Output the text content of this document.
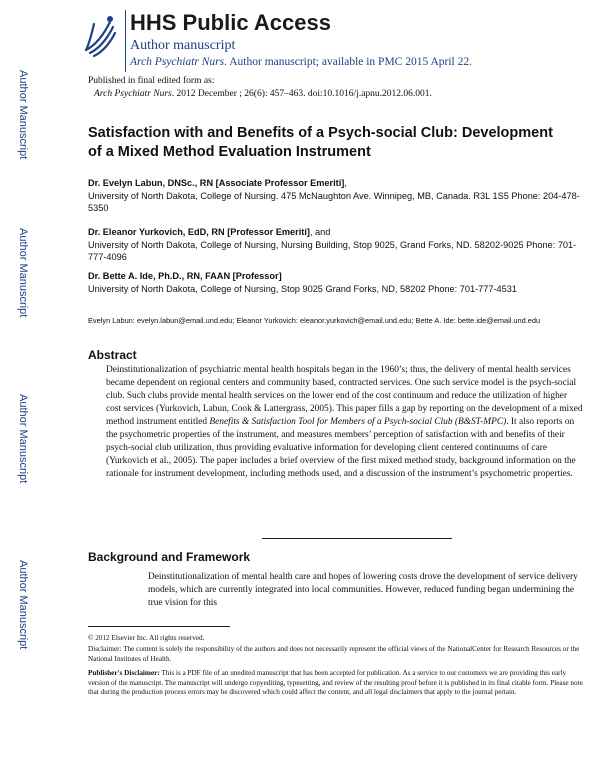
Author Manuscript
Author Manuscript
Author Manuscript
Author Manuscript
HHS Public Access
Author manuscript
Arch Psychiatr Nurs. Author manuscript; available in PMC 2015 April 22.
Published in final edited form as:
Arch Psychiatr Nurs. 2012 December ; 26(6): 457–463. doi:10.1016/j.apnu.2012.06.001.
Satisfaction with and Benefits of a Psych-social Club: Development of a Mixed Method Evaluation Instrument
Dr. Evelyn Labun, DNSc., RN [Associate Professor Emeriti],
University of North Dakota, College of Nursing. 475 McNaughton Ave. Winnipeg, MB, Canada. R3L 1S5 Phone: 204-478-5350
Dr. Eleanor Yurkovich, EdD, RN [Professor Emeriti], and
University of North Dakota, College of Nursing, Nursing Building, Stop 9025, Grand Forks, ND. 58202-9025 Phone: 701-777-4096
Dr. Bette A. Ide, Ph.D., RN, FAAN [Professor]
University of North Dakota, College of Nursing, Stop 9025 Grand Forks, ND, 58202 Phone: 701-777-4531
Evelyn Labun: evelyn.labun@email.und.edu; Eleanor Yurkovich: eleanor.yurkovich@email.und.edu; Bette A. Ide: bette.ide@email.und.edu
Abstract
Deinstitutionalization of psychiatric mental health hospitals began in the 1960’s; thus, the delivery of mental health services became dependent on regional centers and community based, contracted services. One such service model is the psych-social club. Such clubs provide mental health services on the lower end of the cost continuum and reduce the utilization of higher cost services (Yurkovich, Labun, Cook & Lattergrass, 2005). This paper fills a gap by reporting on the development of a mixed method instrument entitled Benefits & Satisfaction Tool for Members of a Psych-social Club (B&ST-MPC). It also reports on the psychometric properties of the instrument, and measures members’ perception of satisfaction with and benefits of their psych-social club utilization, thus providing evaluative information for developing client centered continuums of care (Yurkovich et al., 2005). The paper includes a brief overview of the first mixed method study, background information on the rationale for instrument development, including methods used, and a discussion of the instrument’s psychometric properties.
Background and Framework
Deinstitutionalization of mental health care and hopes of lowering costs drove the development of service delivery models, which are currently integrated into local communities. However, reduced funding began undermining the true vision for this
© 2012 Elsevier Inc. All rights reserved.
Disclaimer: The content is solely the responsibility of the authors and does not necessarily represent the official views of the NationalCenter for Research Resources or the National Institutes of Health.
Publisher's Disclaimer: This is a PDF file of an unedited manuscript that has been accepted for publication. As a service to our customers we are providing this early version of the manuscript. The manuscript will undergo copyediting, typesetting, and review of the resulting proof before it is published in its final citable form. Please note that during the production process errors may be discovered which could affect the content, and all legal disclaimers that apply to the journal pertain.
